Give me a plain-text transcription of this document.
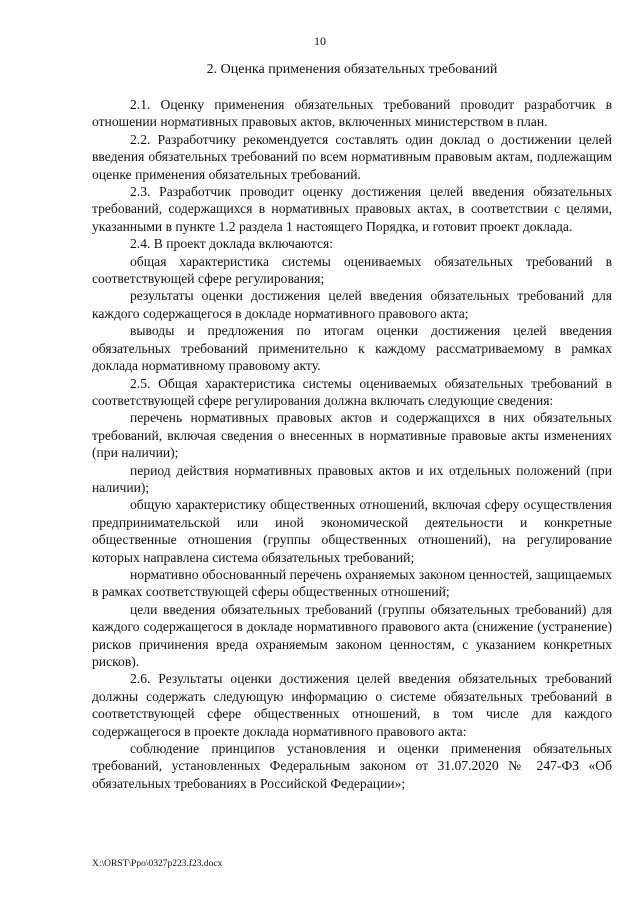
10
2. Оценка применения обязательных требований

2.1. Оценку применения обязательных требований проводит разработчик в отношении нормативных правовых актов, включенных министерством в план.

2.2. Разработчику рекомендуется составлять один доклад о достижении целей введения обязательных требований по всем нормативным правовым актам, подлежащим оценке применения обязательных требований.

2.3. Разработчик проводит оценку достижения целей введения обязательных требований, содержащихся в нормативных правовых актах, в соответствии с целями, указанными в пункте 1.2 раздела 1 настоящего Порядка, и готовит проект доклада.

2.4. В проект доклада включаются:

общая характеристика системы оцениваемых обязательных требований в соответствующей сфере регулирования;

результаты оценки достижения целей введения обязательных требований для каждого содержащегося в докладе нормативного правового акта;

выводы и предложения по итогам оценки достижения целей введения обязательных требований применительно к каждому рассматриваемому в рамках доклада нормативному правовому акту.

2.5. Общая характеристика системы оцениваемых обязательных требований в соответствующей сфере регулирования должна включать следующие сведения:

перечень нормативных правовых актов и содержащихся в них обязательных требований, включая сведения о внесенных в нормативные правовые акты изменениях (при наличии);

период действия нормативных правовых актов и их отдельных положений (при наличии);

общую характеристику общественных отношений, включая сферу осуществления предпринимательской или иной экономической деятельности и конкретные общественные отношения (группы общественных отношений), на регулирование которых направлена система обязательных требований;

нормативно обоснованный перечень охраняемых законом ценностей, защищаемых в рамках соответствующей сферы общественных отношений;

цели введения обязательных требований (группы обязательных требований) для каждого содержащегося в докладе нормативного правового акта (снижение (устранение) рисков причинения вреда охраняемым законом ценностям, с указанием конкретных рисков).

2.6. Результаты оценки достижения целей введения обязательных требований должны содержать следующую информацию о системе обязательных требований в соответствующей сфере общественных отношений, в том числе для каждого содержащегося в проекте доклада нормативного правового акта:

соблюдение принципов установления и оценки применения обязательных требований, установленных Федеральным законом от 31.07.2020 № 247-ФЗ «Об обязательных требованиях в Российской Федерации»;

X:\ORST\Ppo\0327p223.f23.docx
